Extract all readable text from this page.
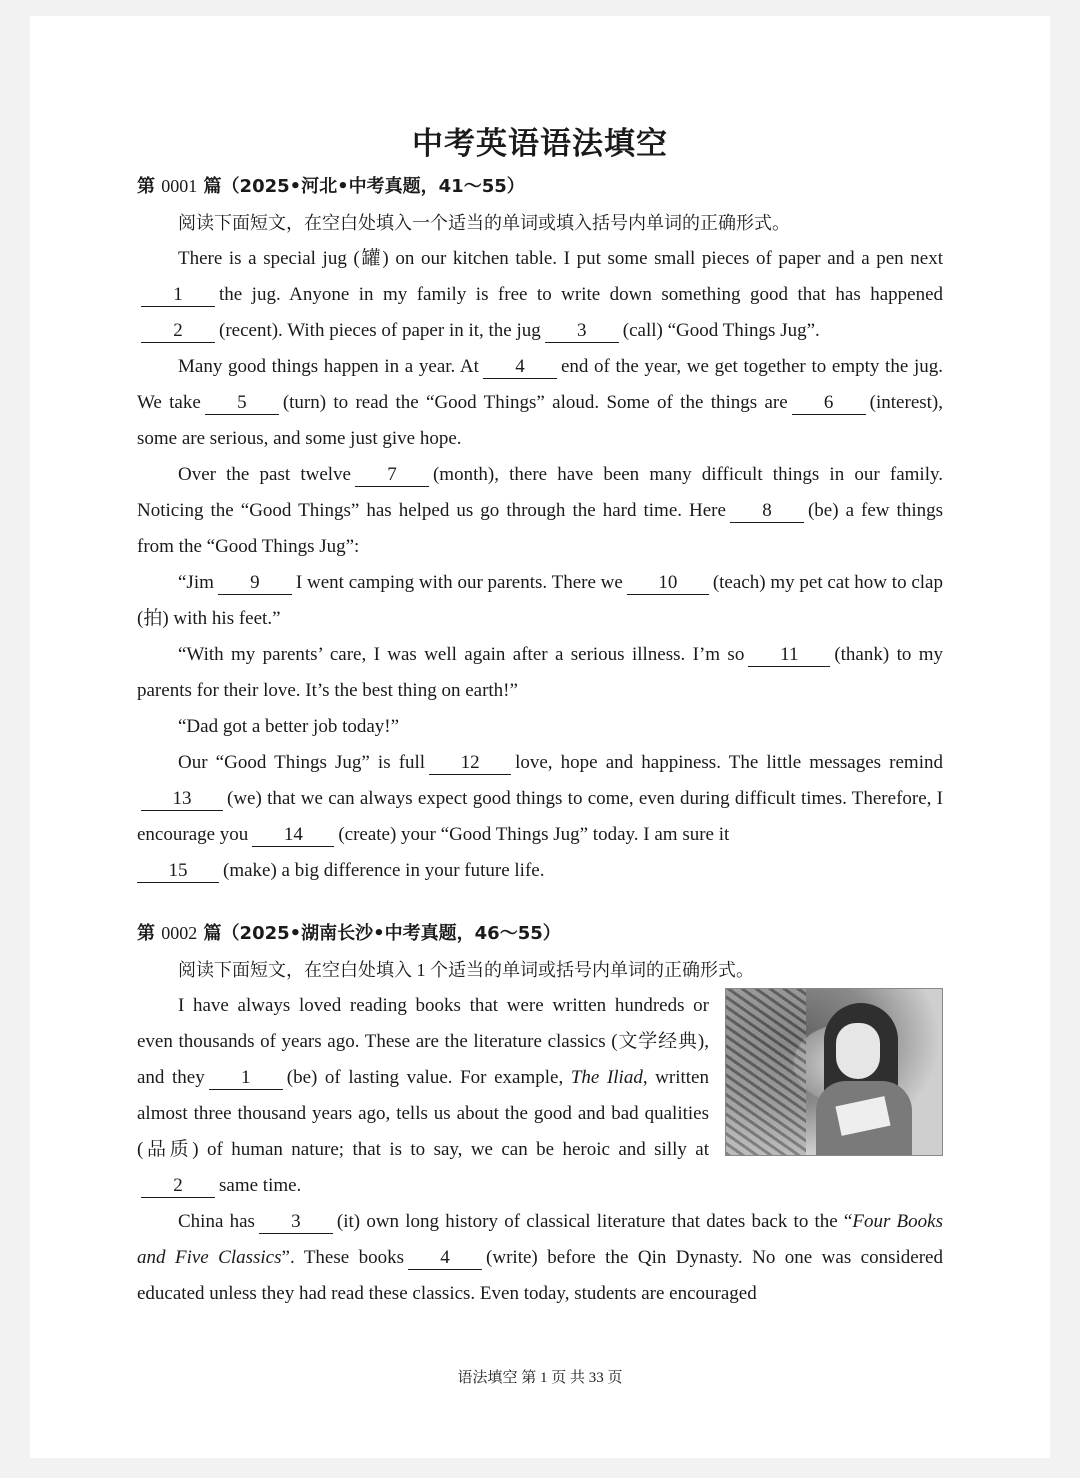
中考英语语法填空
第 0001 篇（2025•河北•中考真题，41～55）
阅读下面短文，在空白处填入一个适当的单词或填入括号内单词的正确形式。

There is a special jug (罐) on our kitchen table. I put some small pieces of paper and a pen next1 the jug. Anyone in my family is free to write down something good that has happened2 (recent). With pieces of paper in it, the jug 3 (call) “Good Things Jug”.

Many good things happen in a year. At 4 end of the year, we get together to empty the jug. We take 5 (turn) to read the “Good Things” aloud. Some of the things are 6 (interest), some are serious, and some just give hope.

Over the past twelve 7 (month), there have been many difficult things in our family. Noticing the “Good Things” has helped us go through the hard time. Here 8 (be) a few things from the “Good Things Jug”:

“Jim 9 I went camping with our parents. There we 10 (teach) my pet cat how to clap (拍) with his feet.”

“With my parents’ care, I was well again after a serious illness. I’m so 11 (thank) to my parents for their love. It’s the best thing on earth!”

“Dad got a better job today!”

Our “Good Things Jug” is full 12 love, hope and happiness. The little messages remind13 (we) that we can always expect good things to come, even during difficult times. Therefore, I encourage you 14 (create) your “Good Things Jug” today. I am sure it

15 (make) a big difference in your future life.

第 0002 篇（2025•湖南长沙•中考真题，46～55）
阅读下面短文，在空白处填入 1 个适当的单词或括号内单词的正确形式。

I have always loved reading books that were written hundreds or even thousands of years ago. These are the literature classics (文学经典), and they 1 (be) of lasting value. For example, The Iliad, written almost three thousand years ago, tells us about the good and bad qualities (品质) of human nature; that is to say, we can be heroic and silly at2 same time.

China has 3 (it) own long history of classical literature that dates back to the “Four Books and Five Classics”. These books 4 (write) before the Qin Dynasty. No one was considered educated unless they had read these classics. Even today, students are encouraged

语法填空 第 1 页 共 33 页
